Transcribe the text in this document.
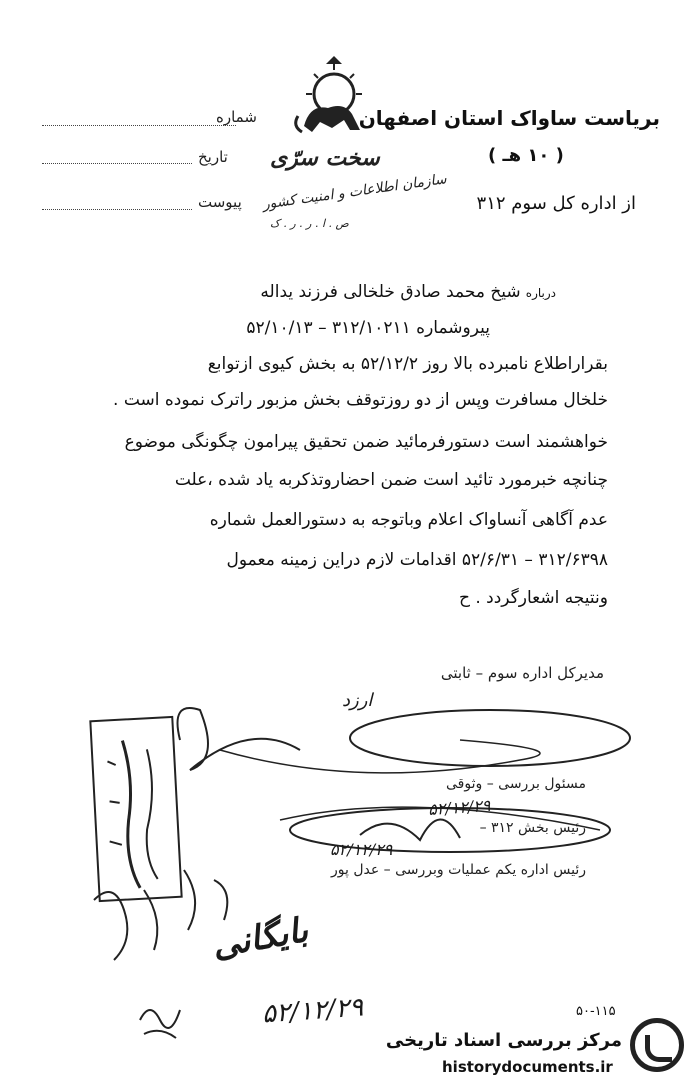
بریاست ساواک استان اصفهان
( ۱۰ هـ )
از اداره کل سوم ۳۱۲
شماره
تاریخ
پیوست
سخت سرّی
سازمان اطلاعات و امنیت کشور
ص . ا . ر . ر . ک
درباره شیخ محمد صادق خلخالی فرزند یداله
پیروشماره ۳۱۲/۱۰۲۱۱ – ۵۲/۱۰/۱۳
بقراراطلاع نامبرده بالا روز ۵۲/۱۲/۲ به بخش کیوی ازتوابع
خلخال مسافرت وپس از دو روزتوقف بخش مزبور راترک نموده است .
خواهشمند است دستورفرمائید ضمن تحقیق پیرامون چگونگی موضوع
چنانچه خبرمورد تائید است ضمن احضاروتذکربه یاد شده ،علت
عدم آگاهی آنساواک اعلام وباتوجه به دستورالعمل شماره
۳۱۲/۶۳۹۸ – ۵۲/۶/۳۱ اقدامات لازم دراین زمینه معمول
ونتیجه اشعارگردد . ح
مدیرکل اداره سوم – ثابتی
ارزد
مسئول بررسی – وثوقی
۵۲/۱۲/۲۹
رئیس بخش ۳۱۲ –
۵۲/۱۲/۲۹
رئیس اداره یکم عملیات وبررسی – عدل پور
بایگانی
۵۲/۱۲/۲۹	۵۰-۱۱۵
مرکز بررسی اسناد تاریخی
historydocuments.ir
